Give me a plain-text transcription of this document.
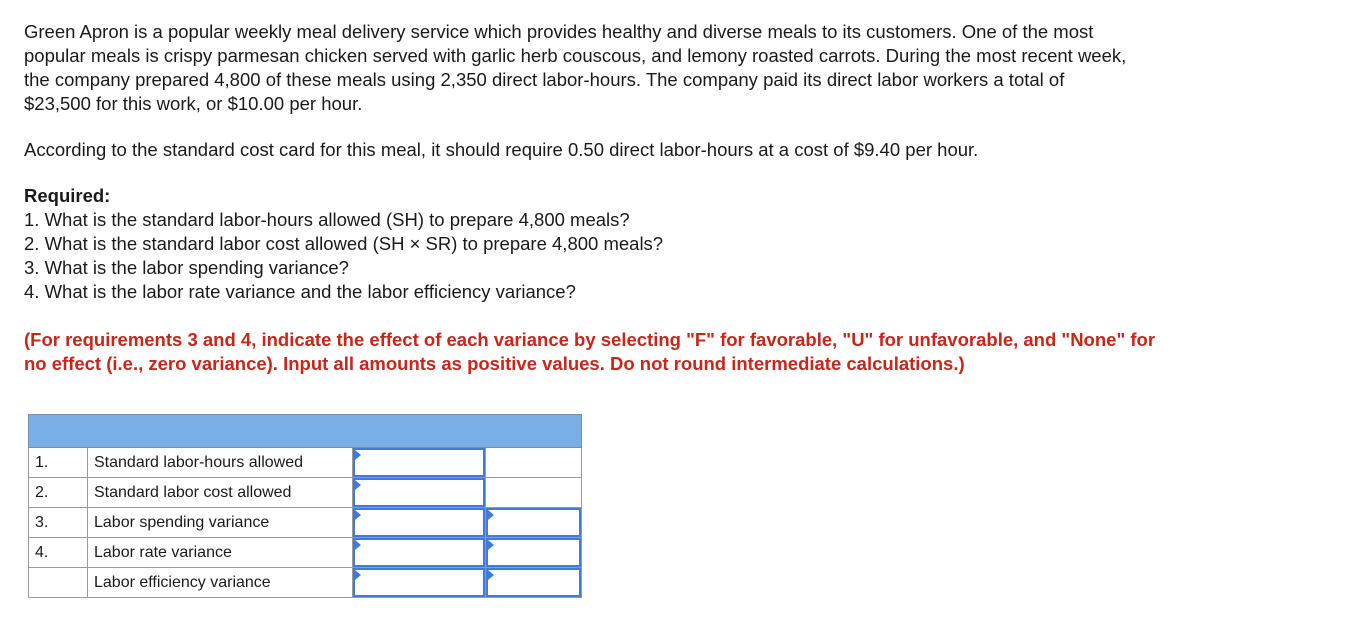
Green Apron is a popular weekly meal delivery service which provides healthy and diverse meals to its customers. One of the most
popular meals is crispy parmesan chicken served with garlic herb couscous, and lemony roasted carrots. During the most recent week,
the company prepared 4,800 of these meals using 2,350 direct labor-hours. The company paid its direct labor workers a total of
$23,500 for this work, or $10.00 per hour.

According to the standard cost card for this meal, it should require 0.50 direct labor-hours at a cost of $9.40 per hour.

Required:
1. What is the standard labor-hours allowed (SH) to prepare 4,800 meals?
2. What is the standard labor cost allowed (SH × SR) to prepare 4,800 meals?
3. What is the labor spending variance?
4. What is the labor rate variance and the labor efficiency variance?
(For requirements 3 and 4, indicate the effect of each variance by selecting "F" for favorable, "U" for unfavorable, and "None" for
no effect (i.e., zero variance). Input all amounts as positive values. Do not round intermediate calculations.)

1.	Standard labor-hours allowed	

2.	Standard labor cost allowed	

3.	Labor spending variance	

4.	Labor rate variance	

	Labor efficiency variance	
